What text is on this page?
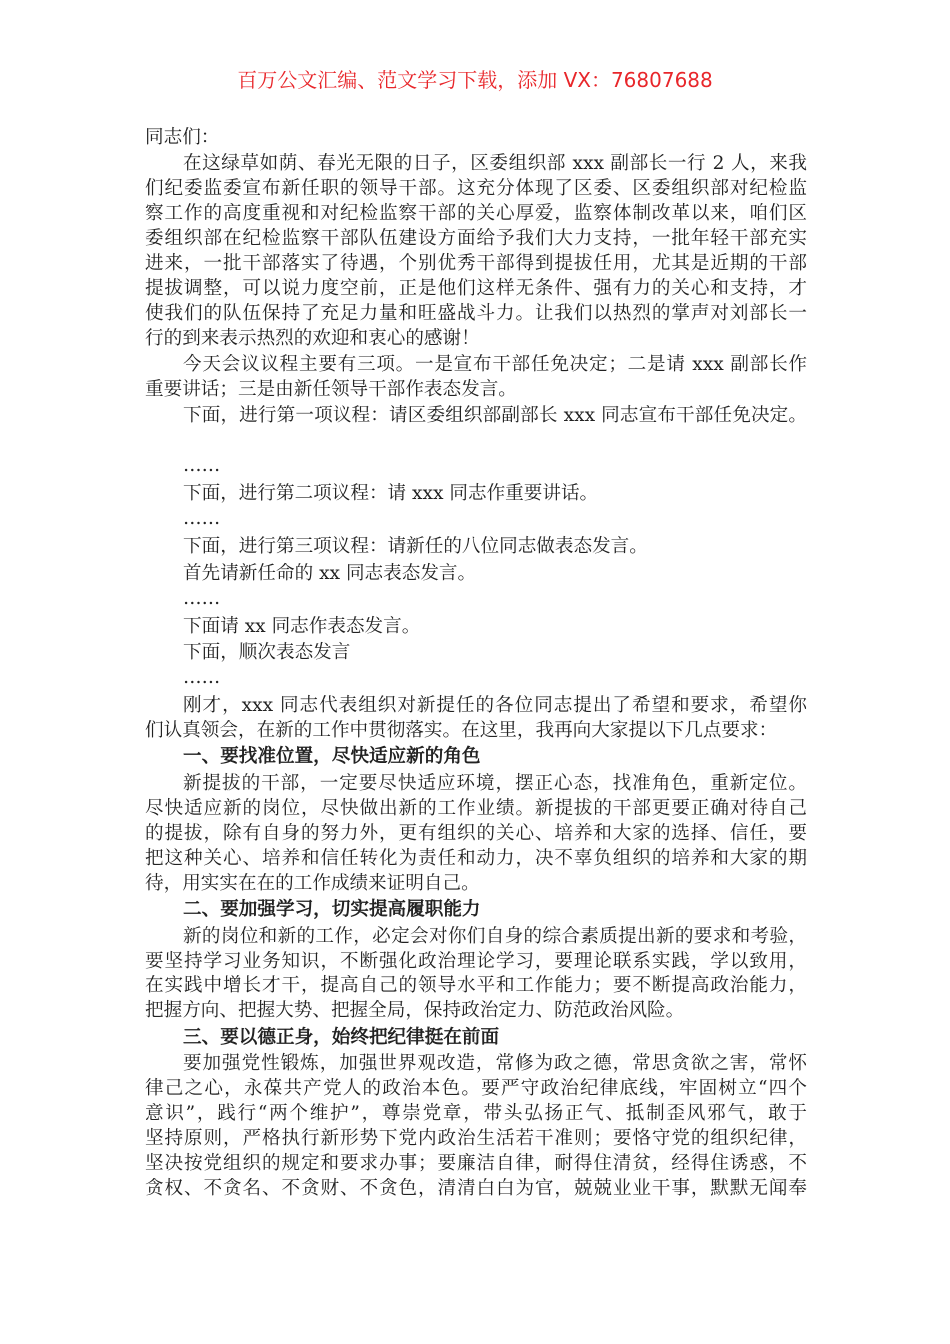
百万公文汇编、范文学习下载，添加 VX：76807688
同志们：
在这绿草如荫、春光无限的日子，区委组织部 xxx 副部长一行 2 人，来我
们纪委监委宣布新任职的领导干部。这充分体现了区委、区委组织部对纪检监
察工作的高度重视和对纪检监察干部的关心厚爱，监察体制改革以来，咱们区
委组织部在纪检监察干部队伍建设方面给予我们大力支持，一批年轻干部充实
进来，一批干部落实了待遇，个别优秀干部得到提拔任用，尤其是近期的干部
提拔调整，可以说力度空前，正是他们这样无条件、强有力的关心和支持，才
使我们的队伍保持了充足力量和旺盛战斗力。让我们以热烈的掌声对刘部长一
行的到来表示热烈的欢迎和衷心的感谢！
今天会议议程主要有三项。一是宣布干部任免决定；二是请 xxx 副部长作
重要讲话；三是由新任领导干部作表态发言。
下面，进行第一项议程：请区委组织部副部长 xxx 同志宣布干部任免决定。
……
下面，进行第二项议程：请 xxx 同志作重要讲话。
……
下面，进行第三项议程：请新任的八位同志做表态发言。
首先请新任命的 xx 同志表态发言。
……
下面请 xx 同志作表态发言。
下面，顺次表态发言
……
刚才，xxx 同志代表组织对新提任的各位同志提出了希望和要求，希望你
们认真领会，在新的工作中贯彻落实。在这里，我再向大家提以下几点要求：
一、要找准位置，尽快适应新的角色
新提拔的干部，一定要尽快适应环境，摆正心态，找准角色，重新定位。
尽快适应新的岗位，尽快做出新的工作业绩。新提拔的干部更要正确对待自己
的提拔，除有自身的努力外，更有组织的关心、培养和大家的选择、信任，要
把这种关心、培养和信任转化为责任和动力，决不辜负组织的培养和大家的期
待，用实实在在的工作成绩来证明自己。
二、要加强学习，切实提高履职能力
新的岗位和新的工作，必定会对你们自身的综合素质提出新的要求和考验，
要坚持学习业务知识，不断强化政治理论学习，要理论联系实践，学以致用，
在实践中增长才干，提高自己的领导水平和工作能力；要不断提高政治能力，
把握方向、把握大势、把握全局，保持政治定力、防范政治风险。
三、要以德正身，始终把纪律挺在前面
要加强党性锻炼，加强世界观改造，常修为政之德，常思贪欲之害，常怀
律己之心，永葆共产党人的政治本色。要严守政治纪律底线，牢固树立“四个
意识”，践行“两个维护”，尊崇党章，带头弘扬正气、抵制歪风邪气，敢于
坚持原则，严格执行新形势下党内政治生活若干准则；要恪守党的组织纪律，
坚决按党组织的规定和要求办事；要廉洁自律，耐得住清贫，经得住诱惑，不
贪权、不贪名、不贪财、不贪色，清清白白为官，兢兢业业干事，默默无闻奉
